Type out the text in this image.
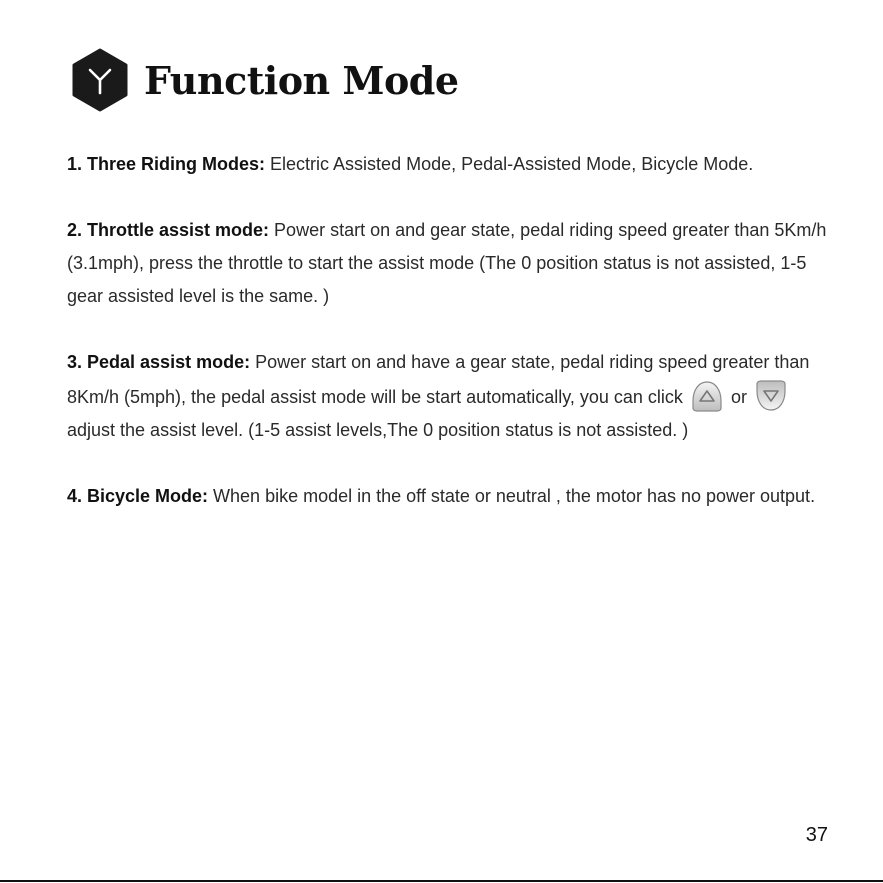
Function Mode

1. Three Riding Modes: Electric Assisted Mode, Pedal-Assisted Mode, Bicycle Mode.

2. Throttle assist mode: Power start on and gear state, pedal riding speed greater than 5Km/h (3.1mph), press the throttle to start the assist mode (The 0 position status is not assisted, 1-5 gear assisted level is the same. )

3. Pedal assist mode: Power start on and have a gear state, pedal riding speed greater than 8Km/h (5mph), the pedal assist mode will be start automatically, you can click  or  adjust the assist level. (1-5 assist levels,The 0 position status is not assisted. )

4. Bicycle Mode: When bike model in the off state or neutral , the motor has no power output.

37
